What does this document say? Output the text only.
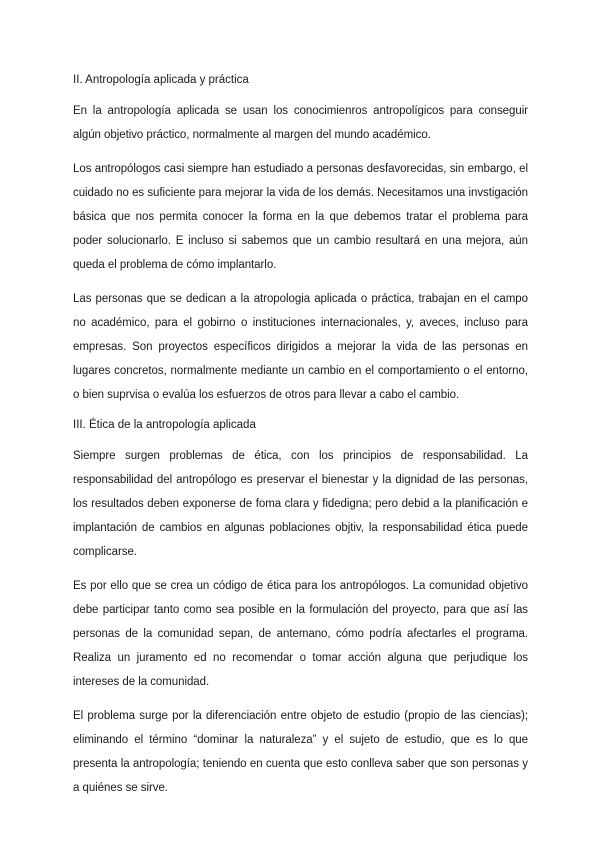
II. Antropología aplicada y práctica

En la antropología aplicada se usan los conocimienros antropolígicos para conseguir algún objetivo práctico, normalmente al margen del mundo académico.

Los antropólogos casi siempre han estudiado a personas desfavorecidas, sin embargo, el cuidado no es suficiente para mejorar la vida de los demás. Necesitamos una invstigación básica que nos permita conocer la forma en la que debemos tratar el problema para poder solucionarlo. E incluso si sabemos que un cambio resultará en una mejora, aún queda el problema de cómo implantarlo.

Las personas que se dedican a la atropologia aplicada o práctica, trabajan en el campo no académico, para el gobirno o instituciones internacionales, y, aveces, incluso para empresas. Son proyectos específicos dirigidos a mejorar la vida de las personas en lugares concretos, normalmente mediante un cambio en el comportamiento o el entorno, o bien suprvisa o evalúa los esfuerzos de otros para llevar a cabo el cambio.

III. Ética de la antropología aplicada

Siempre surgen problemas de ética, con los principios de responsabilidad. La responsabilidad del antropólogo es preservar el bienestar y la dignidad de las personas, los resultados deben exponerse de foma clara y fidedigna; pero debid a la planificación e implantación de cambios en algunas poblaciones objtiv, la responsabilidad ética puede complicarse.

Es por ello que se crea un código de ética para los antropólogos. La comunidad objetivo debe participar tanto como sea posible en la formulación del proyecto, para que así las personas de la comunidad sepan, de antemano, cómo podría afectarles el programa. Realiza un juramento ed no recomendar o tomar acción alguna que perjudique los intereses de la comunidad.

El problema surge por la diferenciación entre objeto de estudio (propio de las ciencias); eliminando el término “dominar la naturaleza” y el sujeto de estudio, que es lo que presenta la antropología; teniendo en cuenta que esto conlleva saber que son personas y a quiénes se sirve.
